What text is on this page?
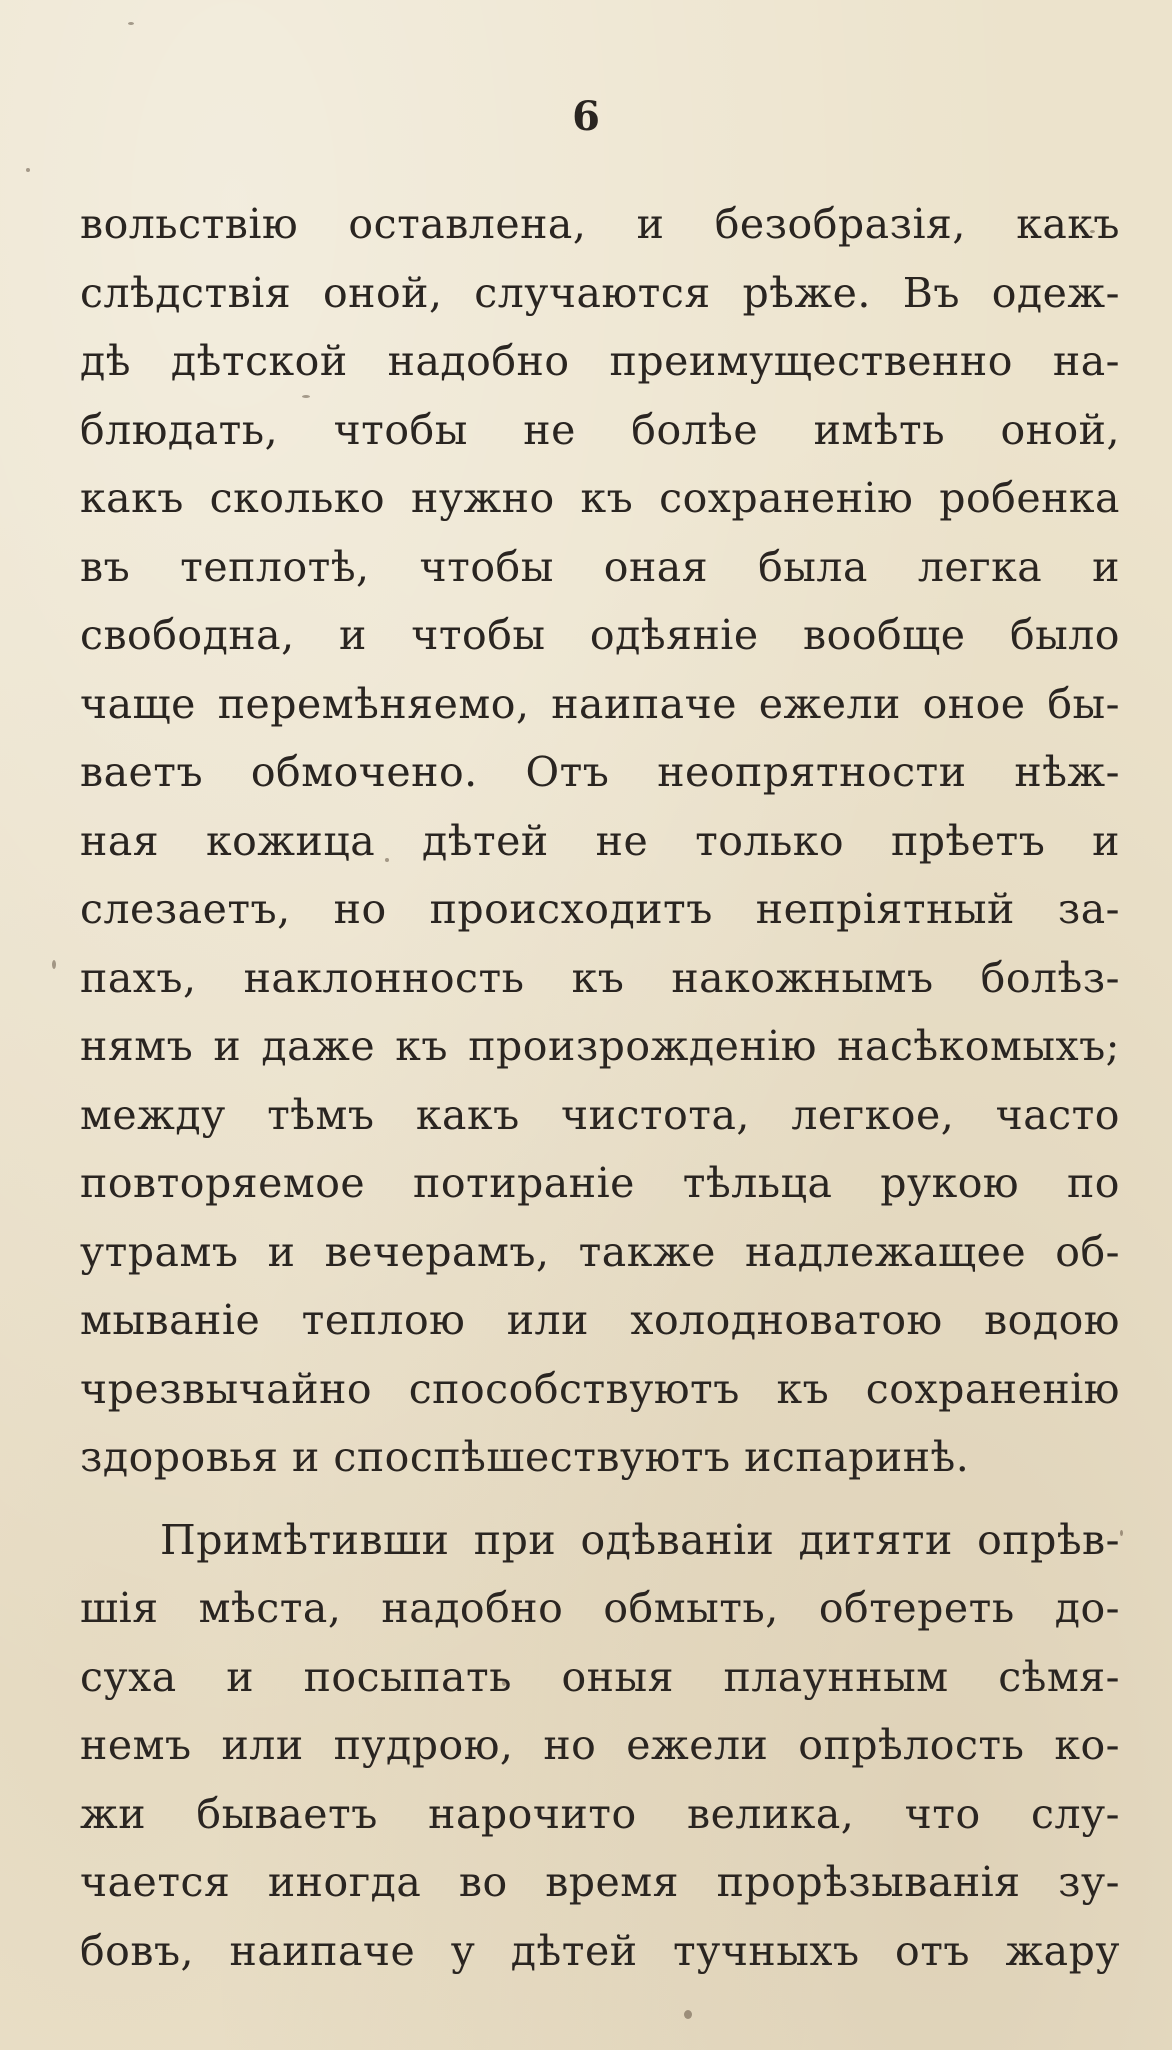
6
вольствію оставлена, и безобразія, какъ
слѣдствія оной, случаются рѣже. Въ одеж-
дѣ дѣтской надобно преимущественно на-
блюдать, чтобы не болѣе имѣть оной,
какъ сколько нужно къ сохраненію робенка
въ теплотѣ, чтобы оная была легка и
свободна, и чтобы одѣяніе вообще было
чаще перемѣняемо, наипаче ежели оное бы-
ваетъ обмочено. Отъ неопрятности нѣж-
ная кожица дѣтей не только прѣетъ и
слезаетъ, но происходитъ непріятный за-
пахъ, наклонность къ накожнымъ болѣз-
нямъ и даже къ произрожденію насѣкомыхъ;
между тѣмъ какъ чистота, легкое, часто
повторяемое потираніе тѣльца рукою по
утрамъ и вечерамъ, также надлежащее об-
мываніе теплою или холодноватою водою
чрезвычайно способствуютъ къ сохраненію
здоровья и споспѣшествуютъ испаринѣ.
Примѣтивши при одѣваніи дитяти опрѣв-
шія мѣста, надобно обмыть, обтереть до-
суха и посыпать оныя плаунным сѣмя-
немъ или пудрою, но ежели опрѣлость ко-
жи бываетъ нарочито велика, что слу-
чается иногда во время прорѣзыванія зу-
бовъ, наипаче у дѣтей тучныхъ отъ жару
